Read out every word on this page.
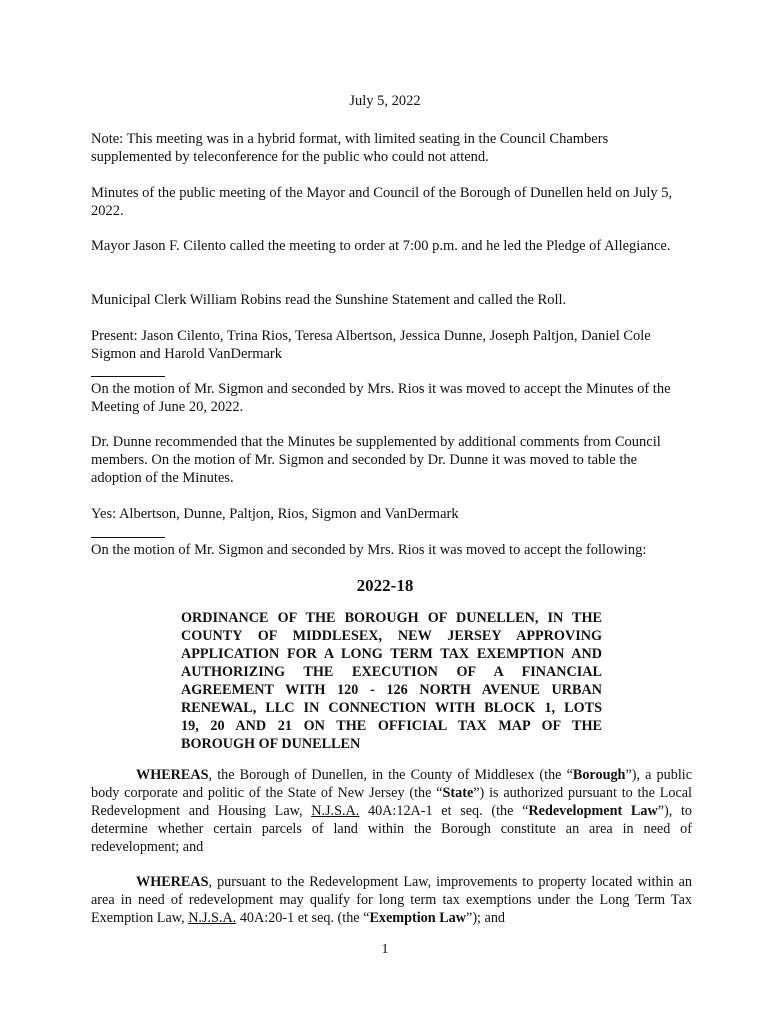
July 5, 2022

Note: This meeting was in a hybrid format, with limited seating in the Council Chambers supplemented by teleconference for the public who could not attend.

Minutes of the public meeting of the Mayor and Council of the Borough of Dunellen held on July 5, 2022.

Mayor Jason F. Cilento called the meeting to order at 7:00 p.m. and he led the Pledge of Allegiance.

Municipal Clerk William Robins read the Sunshine Statement and called the Roll.

Present: Jason Cilento, Trina Rios, Teresa Albertson, Jessica Dunne, Joseph Paltjon, Daniel Cole Sigmon and Harold VanDermark

On the motion of Mr. Sigmon and seconded by Mrs. Rios it was moved to accept the Minutes of the Meeting of June 20, 2022.

Dr. Dunne recommended that the Minutes be supplemented by additional comments from Council members. On the motion of Mr. Sigmon and seconded by Dr. Dunne it was moved to table the adoption of the Minutes.

Yes: Albertson, Dunne, Paltjon, Rios, Sigmon and VanDermark

On the motion of Mr. Sigmon and seconded by Mrs. Rios it was moved to accept the following:

2022-18
ORDINANCE OF THE BOROUGH OF DUNELLEN, IN THE
COUNTY OF MIDDLESEX, NEW JERSEY APPROVING
APPLICATION FOR A LONG TERM TAX EXEMPTION AND
AUTHORIZING THE EXECUTION OF A FINANCIAL
AGREEMENT WITH 120 - 126 NORTH AVENUE URBAN
RENEWAL, LLC IN CONNECTION WITH BLOCK 1, LOTS
19, 20 AND 21 ON THE OFFICIAL TAX MAP OF THE
BOROUGH OF DUNELLEN

WHEREAS, the Borough of Dunellen, in the County of Middlesex (the “Borough”), a public body corporate and politic of the State of New Jersey (the “State”) is authorized pursuant to the Local Redevelopment and Housing Law, N.J.S.A. 40A:12A-1 et seq. (the “Redevelopment Law”), to determine whether certain parcels of land within the Borough constitute an area in need of redevelopment; and

WHEREAS, pursuant to the Redevelopment Law, improvements to property located within an area in need of redevelopment may qualify for long term tax exemptions under the Long Term Tax Exemption Law, N.J.S.A. 40A:20-1 et seq. (the “Exemption Law”); and

1
